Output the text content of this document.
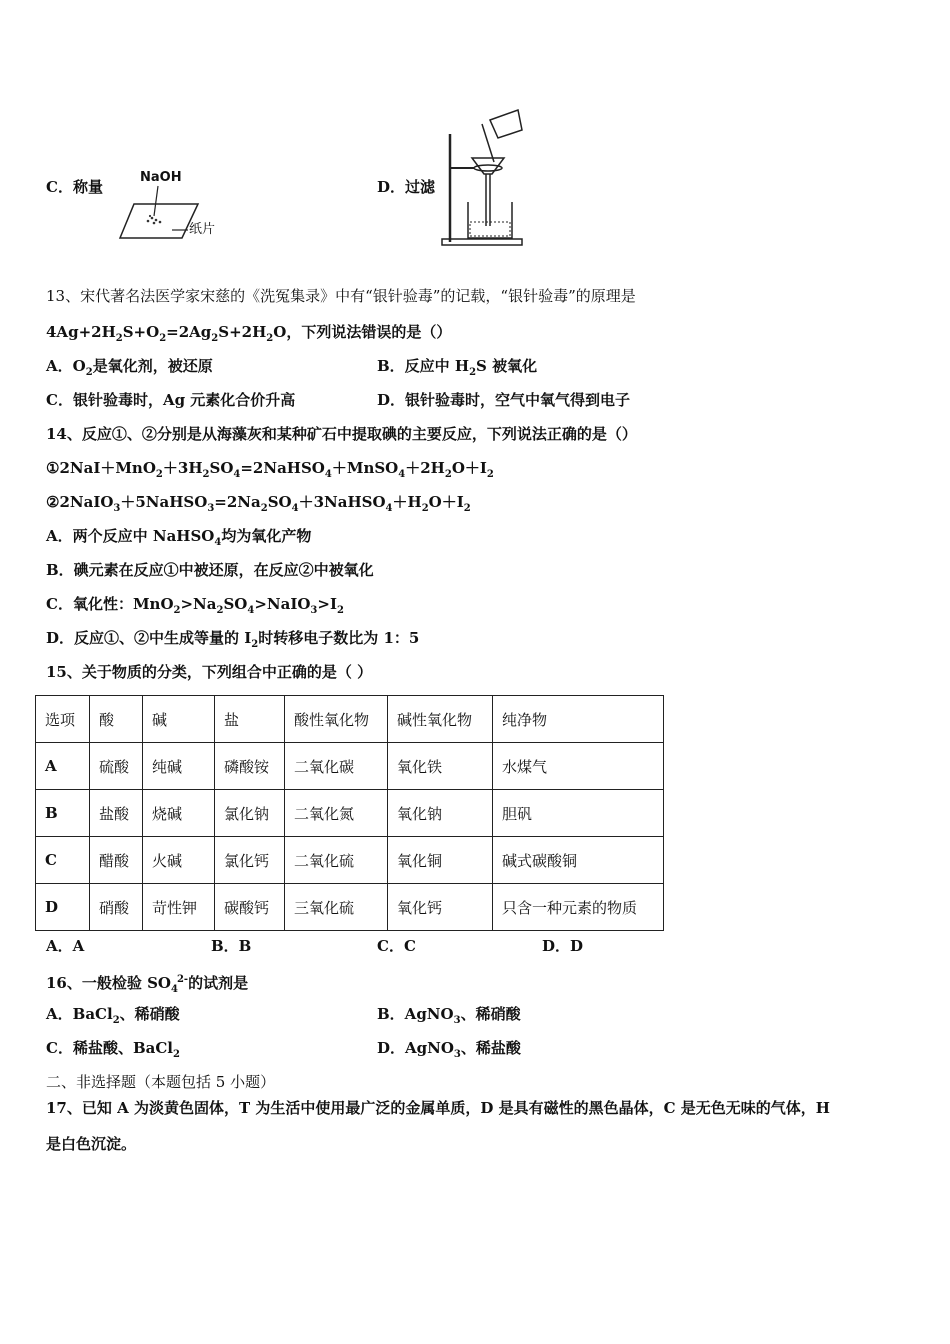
C．称量
NaOH
纸片
D．过滤
13、宋代著名法医学家宋慈的《洗冤集录》中有“银针验毒”的记载，“银针验毒”的原理是
$4Ag+2H_2S+O_2=2Ag_2S+2H_2O$，下列说法错误的是（）
A．$O_2$是氧化剂，被还原	B．反应中 $H_2S$ 被氧化
C．银针验毒时，Ag 元素化合价升高	D．银针验毒时，空气中氧气得到电子
14、反应①、②分别是从海藻灰和某种矿石中提取碘的主要反应，下列说法正确的是（）
$①2NaI+MnO_2+3H_2SO_4=2NaHSO_4+MnSO_4+2H_2O+I_2$
$②2NaIO_3+5NaHSO_3=2Na_2SO_4+3NaHSO_4+H_2O+I_2$
A．两个反应中 NaHSO$_4$均为氧化产物
B．碘元素在反应①中被还原，在反应②中被氧化
C．氧化性：$MnO_2>Na_2SO_4>NaIO_3>I_2$
D．反应①、②中生成等量的 $I_2$时转移电子数比为 1：5
15、关于物质的分类，下列组合中正确的是（ ）
选项	酸	碱	盐	酸性氧化物	碱性氧化物	纯净物
A	硫酸	纯碱	磷酸铵	二氧化碳	氧化铁	水煤气
B	盐酸	烧碱	氯化钠	二氧化氮	氧化钠	胆矾
C	醋酸	火碱	氯化钙	二氧化硫	氧化铜	碱式碳酸铜
D	硝酸	苛性钾	碳酸钙	三氧化硫	氧化钙	只含一种元素的物质
A．A	B．B	C．C	D．D
16、一般检验 $SO_4^{2-}$的试剂是
A．BaCl$_2$、稀硝酸	B．AgNO$_3$、稀硝酸
C．稀盐酸、BaCl$_2$	D．AgNO$_3$、稀盐酸
二、非选择题（本题包括 5 小题）
17、已知 A 为淡黄色固体，T 为生活中使用最广泛的金属单质，D 是具有磁性的黑色晶体，C 是无色无味的气体，H
是白色沉淀。
